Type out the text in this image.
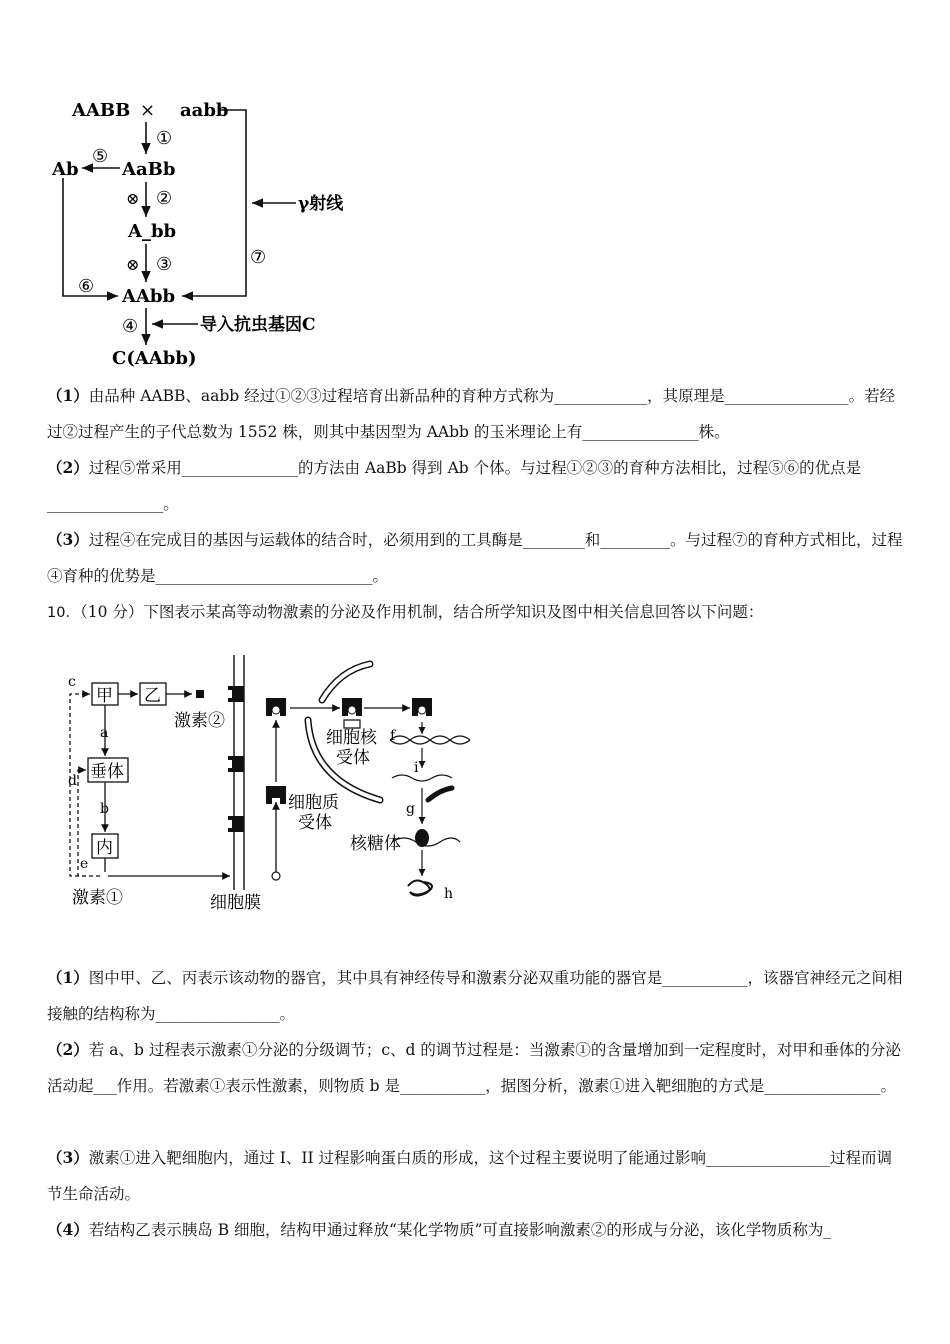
AABB × aabb
AaBb
Ab
A_bb
AAbb
C(AAbb)
γ射线
导入抗虫基因C
①
②
③
④
⑤
⑥
⑦
⊗
⊗

（1）由品种 AABB、aabb 经过①②③过程培育出新品种的育种方式称为____________，其原理是________________。若经过②过程产生的子代总数为 1552 株，则其中基因型为 AAbb 的玉米理论上有_______________株。

（2）过程⑤常采用_______________的方法由 AaBb 得到 Ab 个体。与过程①②③的育种方法相比，过程⑤⑥的优点是_______________。

（3）过程④在完成目的基因与运载体的结合时，必须用到的工具酶是________和_________。与过程⑦的育种方式相比，过程④育种的优势是____________________________。

10．（10 分）下图表示某高等动物激素的分泌及作用机制，结合所学知识及图中相关信息回答以下问题：

甲 乙
垂体
内
激素②
激素①	细胞膜
细胞质
受体
细胞核
受体
核糖体
a
b
c
d
e
f
g
h
i

（1）图中甲、乙、丙表示该动物的器官，其中具有神经传导和激素分泌双重功能的器官是___________，该器官神经元之间相接触的结构称为________________。

（2）若 a、b 过程表示激素①分泌的分级调节；c、d 的调节过程是：当激素①的含量增加到一定程度时，对甲和垂体的分泌活动起___作用。若激素①表示性激素，则物质 b 是___________，据图分析，激素①进入靶细胞的方式是_______________。

（3）激素①进入靶细胞内，通过 I、II 过程影响蛋白质的形成，这个过程主要说明了能通过影响________________过程而调节生命活动。

（4）若结构乙表示胰岛 B 细胞，结构甲通过释放“某化学物质”可直接影响激素②的形成与分泌，该化学物质称为_
